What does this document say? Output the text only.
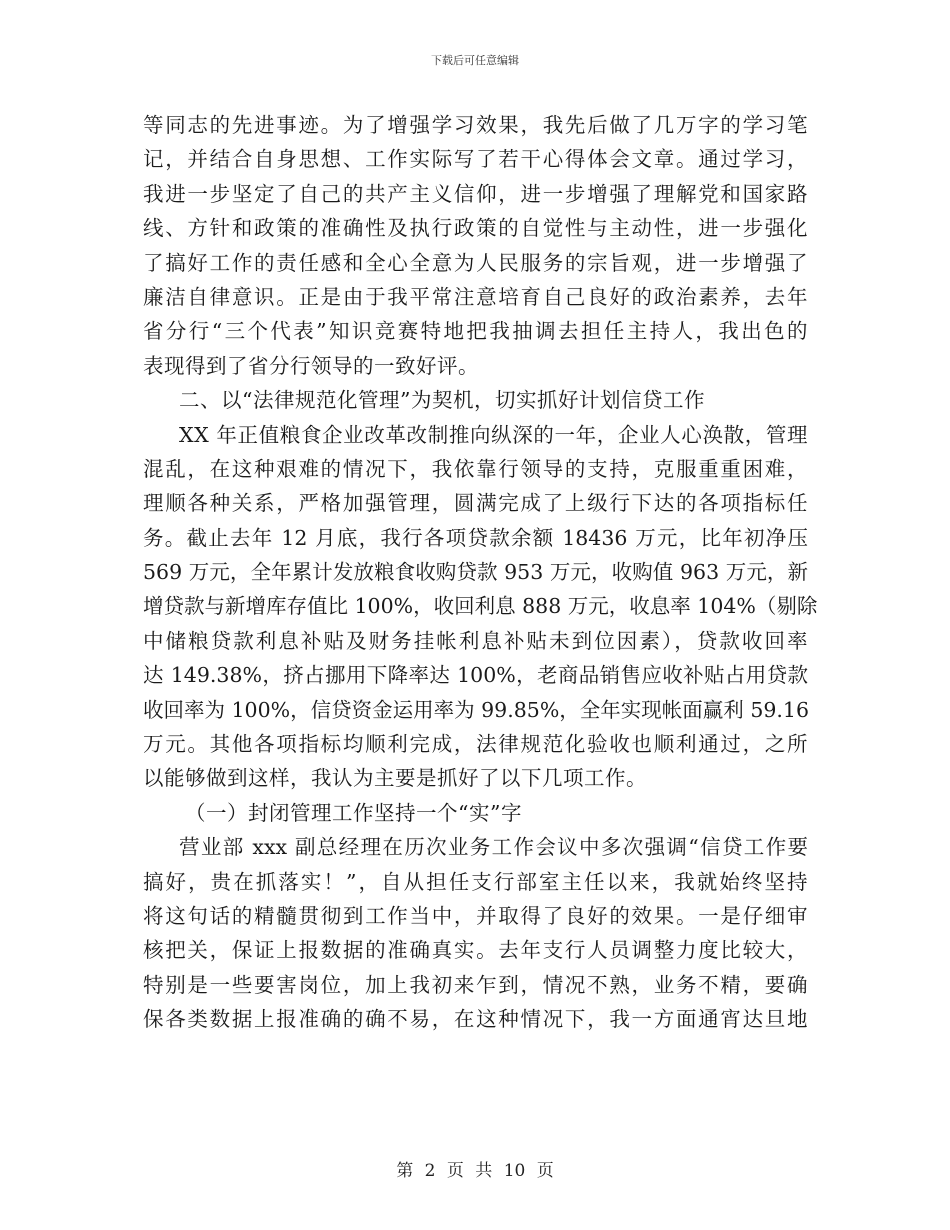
下载后可任意编辑
等同志的先进事迹。为了增强学习效果，我先后做了几万字的学习笔
记，并结合自身思想、工作实际写了若干心得体会文章。通过学习，
我进一步坚定了自己的共产主义信仰，进一步增强了理解党和国家路
线、方针和政策的准确性及执行政策的自觉性与主动性，进一步强化
了搞好工作的责任感和全心全意为人民服务的宗旨观，进一步增强了
廉洁自律意识。正是由于我平常注意培育自己良好的政治素养，去年
省分行“三个代表”知识竞赛特地把我抽调去担任主持人，我出色的
表现得到了省分行领导的一致好评。
二、以“法律规范化管理”为契机，切实抓好计划信贷工作
XX 年正值粮食企业改革改制推向纵深的一年，企业人心涣散，管理
混乱，在这种艰难的情况下，我依靠行领导的支持，克服重重困难，
理顺各种关系，严格加强管理，圆满完成了上级行下达的各项指标任
务。截止去年 12 月底，我行各项贷款余额 18436 万元，比年初净压
569 万元，全年累计发放粮食收购贷款 953 万元，收购值 963 万元，新
增贷款与新增库存值比 100%，收回利息 888 万元，收息率 104%（剔除
中储粮贷款利息补贴及财务挂帐利息补贴未到位因素），贷款收回率
达 149.38%，挤占挪用下降率达 100%，老商品销售应收补贴占用贷款
收回率为 100%，信贷资金运用率为 99.85%，全年实现帐面赢利 59.16
万元。其他各项指标均顺利完成，法律规范化验收也顺利通过，之所
以能够做到这样，我认为主要是抓好了以下几项工作。
（一）封闭管理工作坚持一个“实”字
营业部 xxx 副总经理在历次业务工作会议中多次强调“信贷工作要
搞好，贵在抓落实！”，自从担任支行部室主任以来，我就始终坚持
将这句话的精髓贯彻到工作当中，并取得了良好的效果。一是仔细审
核把关，保证上报数据的准确真实。去年支行人员调整力度比较大，
特别是一些要害岗位，加上我初来乍到，情况不熟，业务不精，要确
保各类数据上报准确的确不易，在这种情况下，我一方面通宵达旦地
第 2 页 共 10 页
